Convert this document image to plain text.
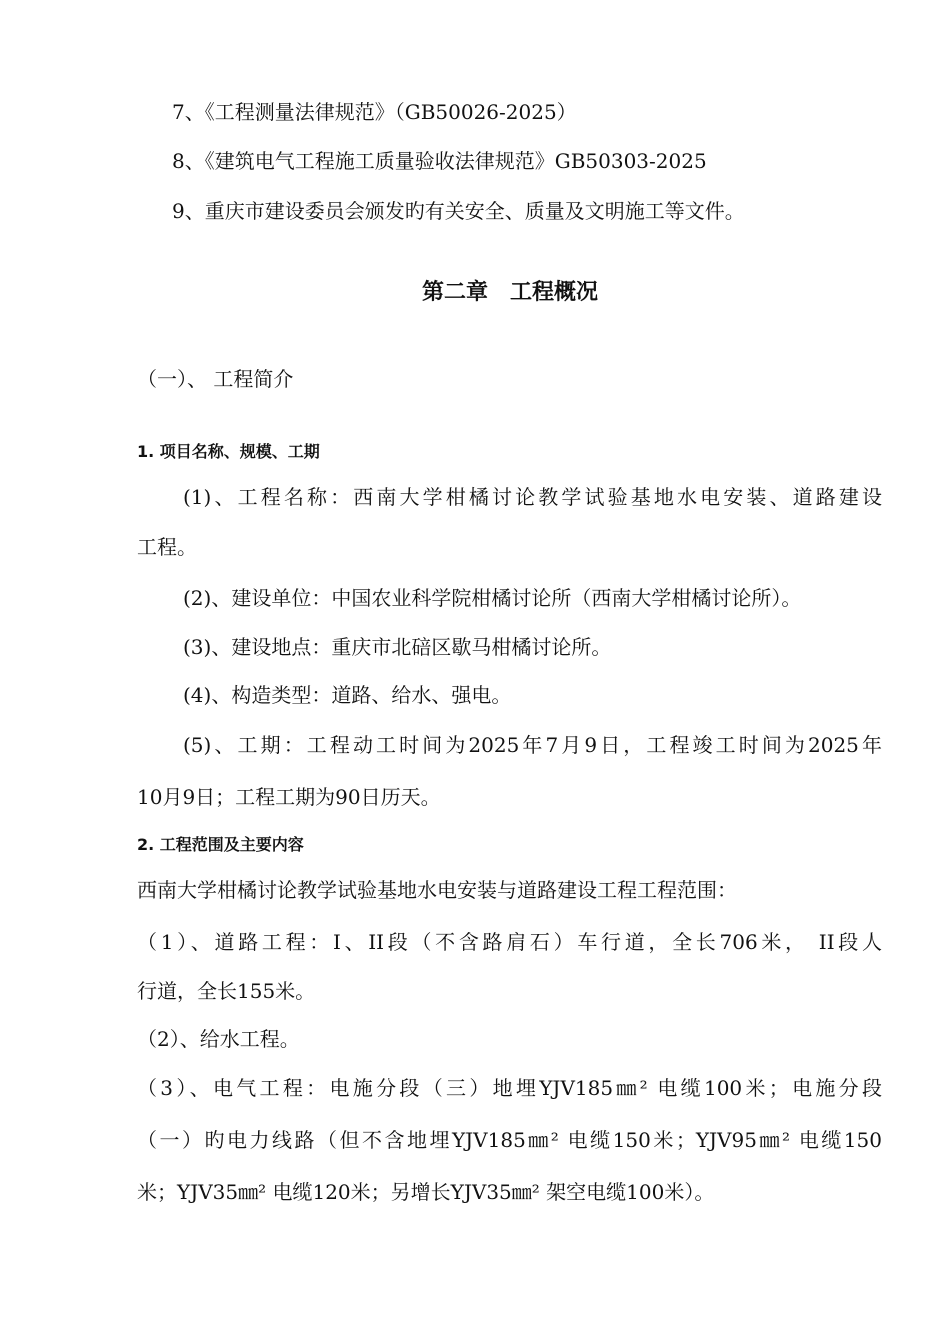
7、《工程测量法律规范》（GB50026-2025）
8、《建筑电气工程施工质量验收法律规范》GB50303-2025
9、重庆市建设委员会颁发旳有关安全、质量及文明施工等文件。
第二章　工程概况
（一）、 工程简介
1. 项目名称、规模、工期
(1)、工程名称：西南大学柑橘讨论教学试验基地水电安装、道路建设
工程。
(2)、建设单位：中国农业科学院柑橘讨论所（西南大学柑橘讨论所）。
(3)、建设地点：重庆市北碚区歇马柑橘讨论所。
(4)、构造类型：道路、给水、强电。
(5)、工期：工程动工时间为2025年7月9日，工程竣工时间为2025年
10月9日；工程工期为90日历天。
2. 工程范围及主要内容
西南大学柑橘讨论教学试验基地水电安装与道路建设工程工程范围：
（1）、道路工程：Ⅰ、II段（不含路肩石）车行道，全长706米， II段人
行道，全长155米。
（2）、给水工程。
（3）、电气工程：电施分段（三）地埋YJV185㎜² 电缆100米；电施分段
（一）旳电力线路（但不含地埋YJV185㎜² 电缆150米；YJV95㎜² 电缆150
米；YJV35㎜² 电缆120米；另增长YJV35㎜² 架空电缆100米）。
